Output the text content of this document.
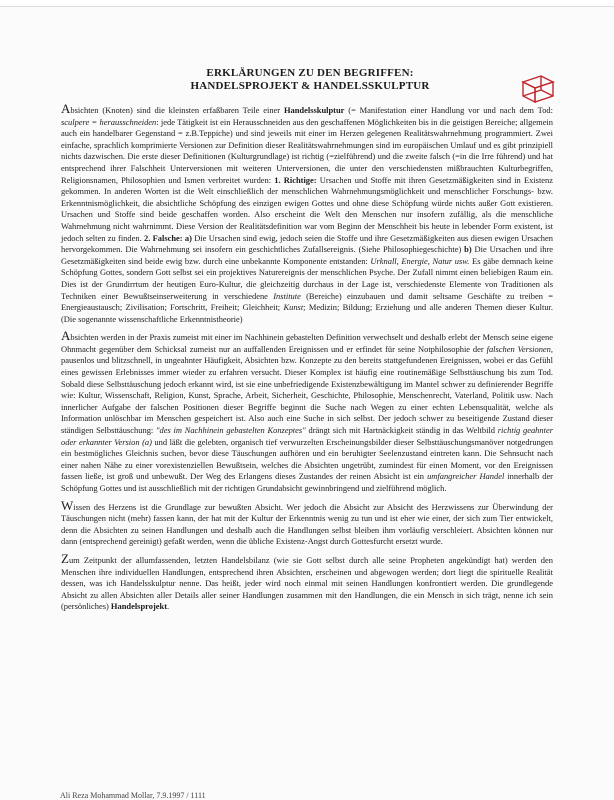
ERKLÄRUNGEN ZU DEN BEGRIFFEN:
HANDELSPROJEKT & HANDELSSKULPTUR
Absichten (Knoten) sind die kleinsten erfaßbaren Teile einer Handelsskulptur (= Manifestation einer Handlung vor und nach dem Tod: sculpere = herausschneiden: jede Tätigkeit ist ein Herausschneiden aus den geschaffenen Möglichkeiten bis in die geistigen Bereiche; allgemein auch ein handelbarer Gegenstand = z.B.Teppiche) und sind jeweils mit einer im Herzen gelegenen Realitätswahrnehmung programmiert. Zwei einfache, sprachlich komprimierte Versionen zur Definition dieser Realitätswahrnehmungen sind im europäischen Umlauf und es gibt prinzipiell nichts dazwischen. Die erste dieser Definitionen (Kulturgrundlage) ist richtig (=zielführend) und die zweite falsch (=in die Irre führend) und hat entsprechend ihrer Falschheit Unterversionen mit weiteren Unterversionen, die unter den verschiedensten mißbrauchten Kulturbegriffen, Religionsnamen, Philosophien und Ismen verbreitet wurden: 1. Richtige: Ursachen und Stoffe mit ihren Gesetzmäßigkeiten sind in Existenz gekommen. In anderen Worten ist die Welt einschließlich der menschlichen Wahrnehmungsmöglichkeit und menschlicher Forschungs- bzw. Erkenntnismöglichkeit, die absichtliche Schöpfung des einzigen ewigen Gottes und ohne diese Schöpfung würde nichts außer Gott existieren. Ursachen und Stoffe sind beide geschaffen worden. Also erscheint die Welt den Menschen nur insofern zufällig, als die menschliche Wahrnehmung nicht wahrnimmt. Diese Version der Realitätsdefinition war vom Beginn der Menschheit bis heute in lebender Form existent, ist jedoch selten zu finden. 2. Falsche: a) Die Ursachen sind ewig, jedoch seien die Stoffe und ihre Gesetzmäßigkeiten aus diesen ewigen Ursachen hervorgekommen. Die Wahrnehmung sei insofern ein geschichtliches Zufallsereignis. (Siehe Philosophiegeschichte) b) Die Ursachen und ihre Gesetzmäßigkeiten sind beide ewig bzw. durch eine unbekannte Komponente entstanden: Urknall, Energie, Natur usw. Es gäbe demnach keine Schöpfung Gottes, sondern Gott selbst sei ein projektives Naturereignis der menschlichen Psyche. Der Zufall nimmt einen beliebigen Raum ein. Dies ist der Grundirrtum der heutigen Euro-Kultur, die gleichzeitig durchaus in der Lage ist, verschiedenste Elemente von Traditionen als Techniken einer Bewußtseinserweiterung in verschiedene Institute (Bereiche) einzubauen und damit seltsame Geschäfte zu treiben = Energieaustausch; Zivilisation; Fortschritt, Freiheit; Gleichheit; Kunst; Medizin; Bildung; Erziehung und alle anderen Themen dieser Kultur. (Die sogenannte wissenschaftliche Erkenntnistheorie)
Absichten werden in der Praxis zumeist mit einer im Nachhinein gebastelten Definition verwechselt und deshalb erlebt der Mensch seine eigene Ohnmacht gegenüber dem Schicksal zumeist nur an auffallenden Ereignissen und er erfindet für seine Notphilosophie der falschen Versionen, pausenlos und blitzschnell, in ungeahnter Häufigkeit, Absichten bzw. Konzepte zu den bereits stattgefundenen Ereignissen, wobei er das Gefühl eines gewissen Erlebnisses immer wieder zu erfahren versucht. Dieser Komplex ist häufig eine routinemäßige Selbsttäuschung bis zum Tod. Sobald diese Selbsttäuschung jedoch erkannt wird, ist sie eine unbefriedigende Existenzbewältigung im Mantel schwer zu definierender Begriffe wie: Kultur, Wissenschaft, Religion, Kunst, Sprache, Arbeit, Sicherheit, Geschichte, Philosophie, Menschenrecht, Vaterland, Politik usw. Nach innerlicher Aufgabe der falschen Positionen dieser Begriffe beginnt die Suche nach Wegen zu einer echten Lebensqualität, welche als Information unlöschbar im Menschen gespeichert ist. Also auch eine Suche in sich selbst. Der jedoch schwer zu beseitigende Zustand dieser ständigen Selbsttäuschung: "des im Nachhinein gebastelten Konzeptes" drängt sich mit Hartnäckigkeit ständig in das Weltbild richtig geahnter oder erkannter Version (a) und läßt die gelebten, organisch tief verwurzelten Erscheinungsbilder dieser Selbsttäuschungsmanöver notgedrungen ein bestmögliches Gleichnis suchen, bevor diese Täuschungen aufhören und ein beruhigter Seelenzustand eintreten kann. Die Sehnsucht nach einer nahen Nähe zu einer vorexistenziellen Bewußtsein, welches die Absichten ungetrübt, zumindest für einen Moment, vor den Ereignissen fassen ließe, ist groß und unbewußt. Der Weg des Erlangens dieses Zustandes der reinen Absicht ist ein umfangreicher Handel innerhalb der Schöpfung Gottes und ist ausschließlich mit der richtigen Grundabsicht gewinnbringend und zielführend möglich.
Wissen des Herzens ist die Grundlage zur bewußten Absicht. Wer jedoch die Absicht zur Absicht des Herzwissens zur Überwindung der Täuschungen nicht (mehr) fassen kann, der hat mit der Kultur der Erkenntnis wenig zu tun und ist eher wie einer, der sich zum Tier entwickelt, denn die Absichten zu seinen Handlungen und deshalb auch die Handlungen selbst bleiben ihm vorläufig verschleiert. Absichten können nur dann (entsprechend gereinigt) gefaßt werden, wenn die übliche Existenz-Angst durch Gottesfurcht ersetzt wurde.
Zum Zeitpunkt der allumfassenden, letzten Handelsbilanz (wie sie Gott selbst durch alle seine Propheten angekündigt hat) werden den Menschen ihre individuellen Handlungen, entsprechend ihren Absichten, erscheinen und abgewogen werden; dort liegt die spirituelle Realität dessen, was ich Handelsskulptur nenne. Das heißt, jeder wird noch einmal mit seinen Handlungen konfrontiert werden. Die grundlegende Absicht zu allen Absichten aller Details aller seiner Handlungen zusammen mit den Handlungen, die ein Mensch in sich trägt, nenne ich sein (persönliches) Handelsprojekt.
Ali Reza Mohammad Mollar, 7.9.1997 / 1111
